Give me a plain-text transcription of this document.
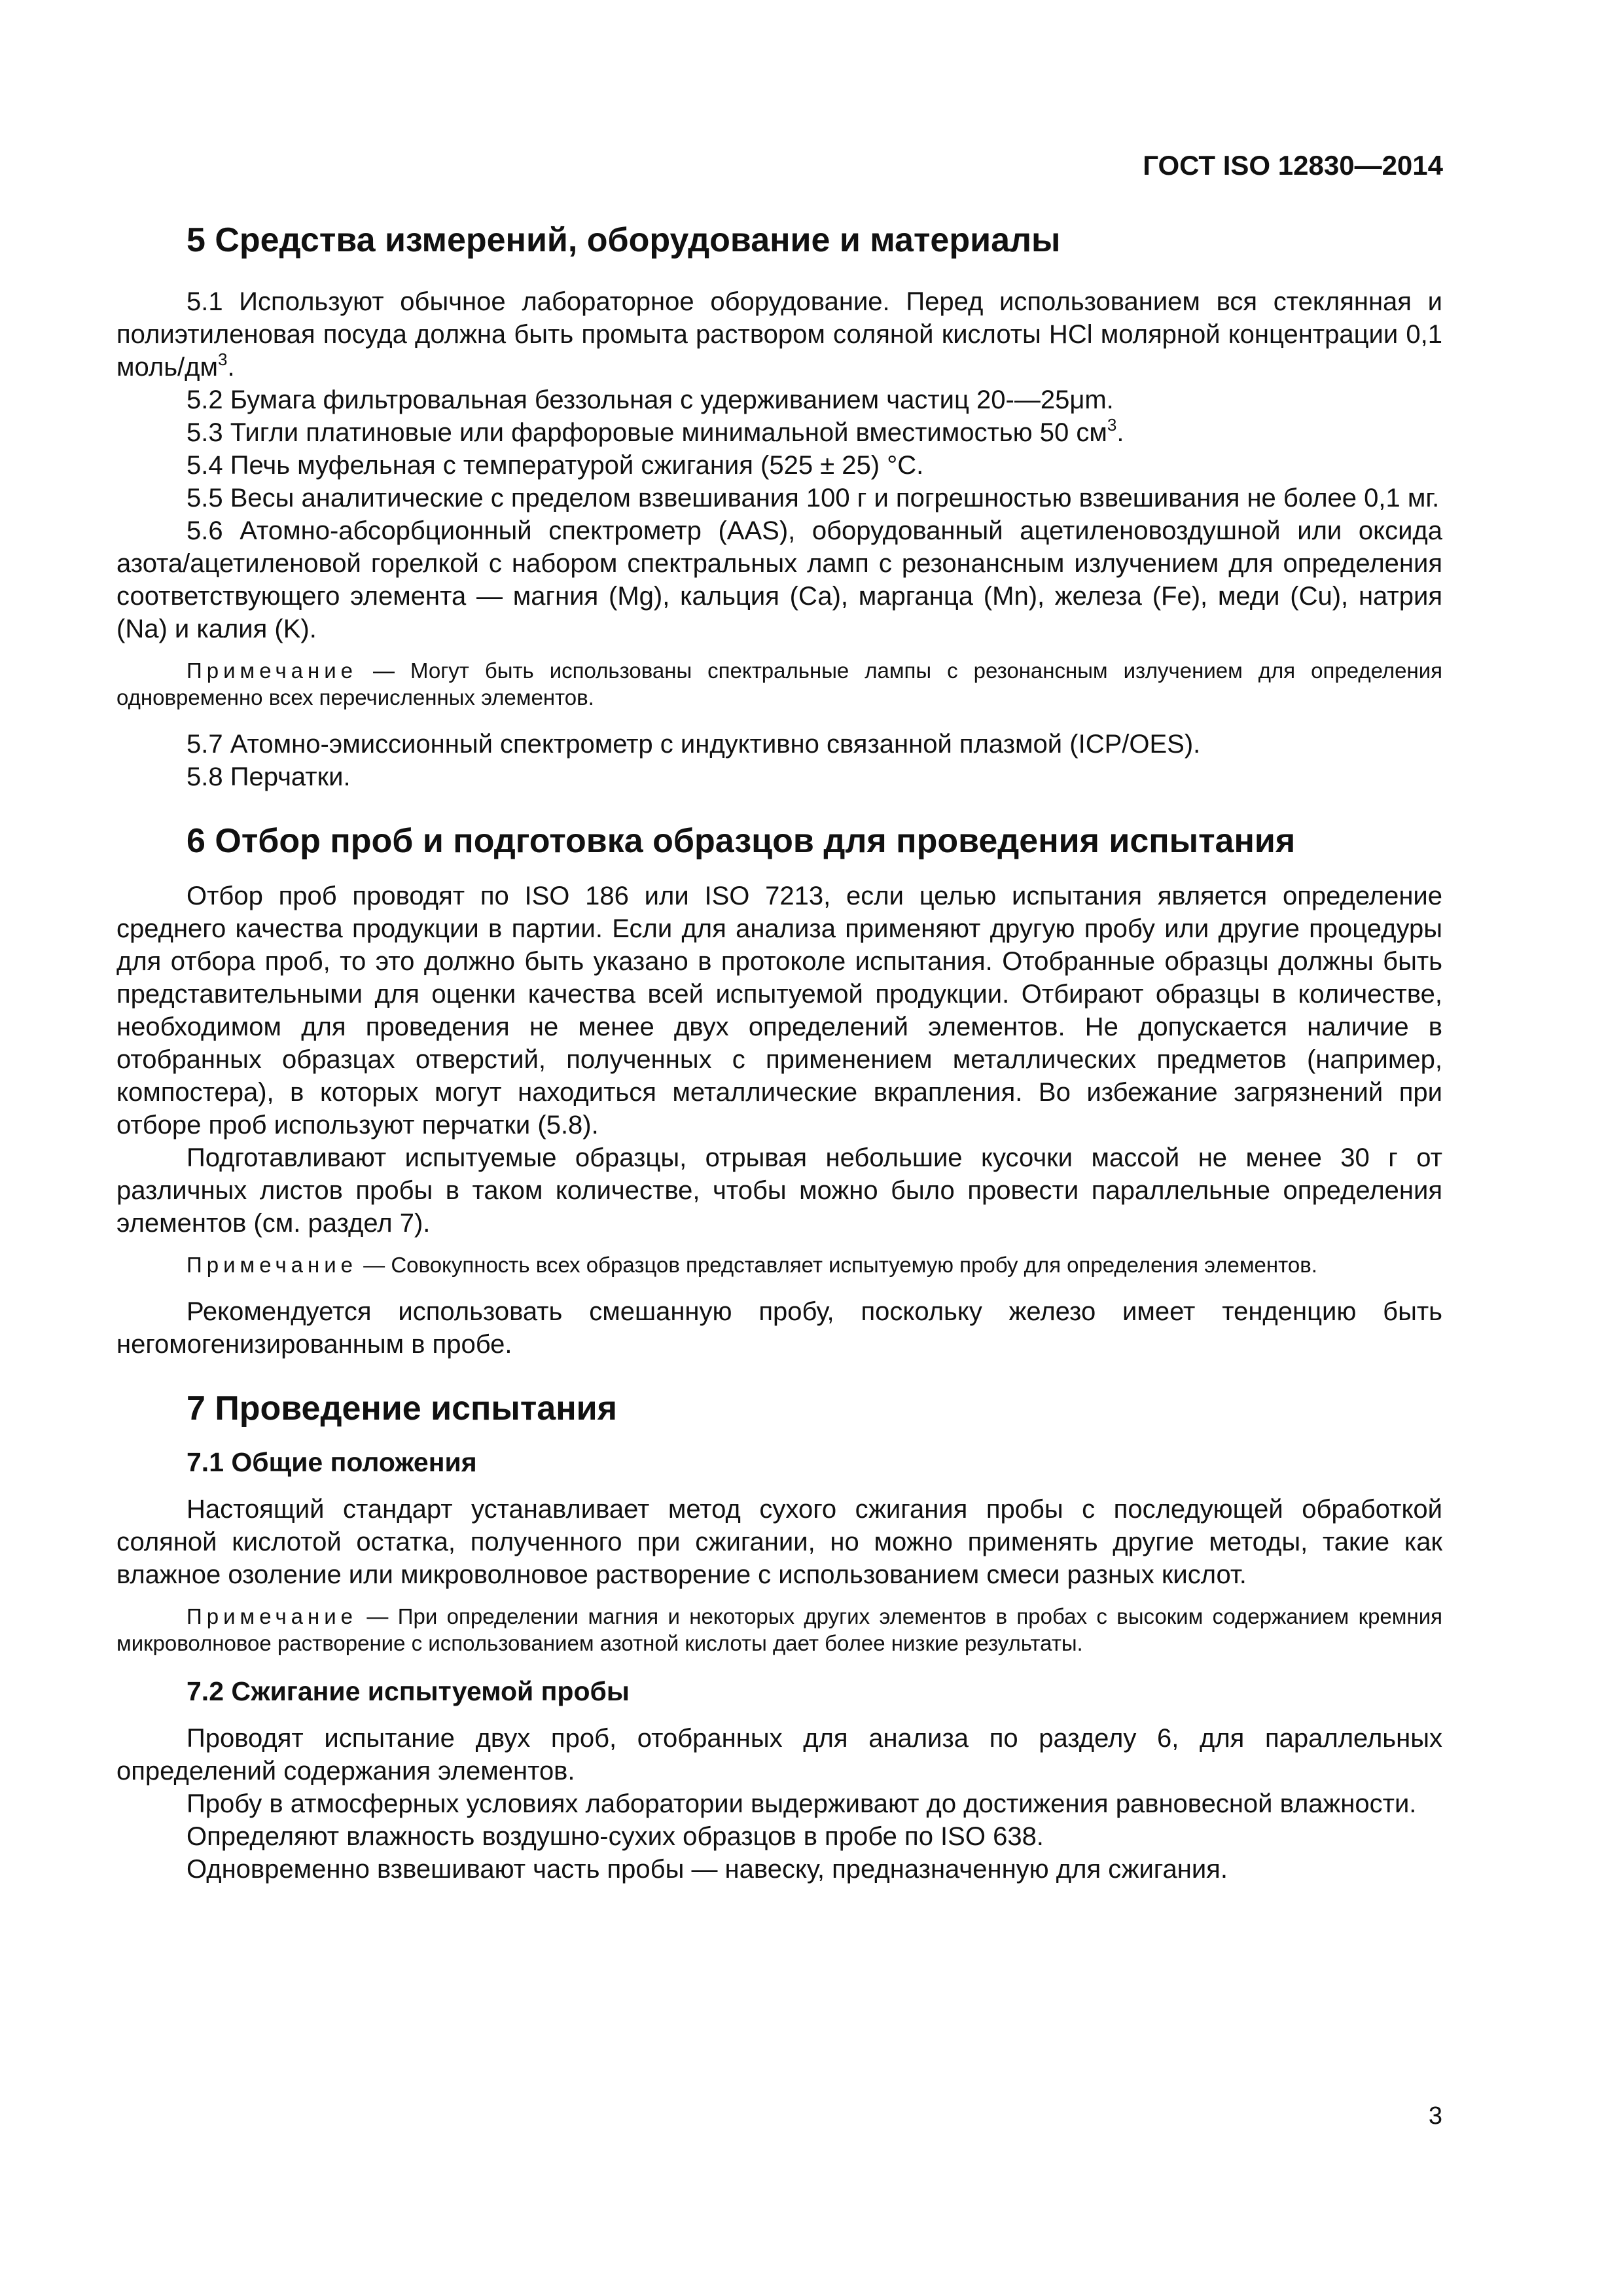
ГОСТ ISO 12830—2014
5 Средства измерений, оборудование и материалы

5.1 Используют обычное лабораторное оборудование. Перед использованием вся стеклянная и полиэтиленовая посуда должна быть промыта раствором соляной кислоты HCl молярной концентрации 0,1 моль/$дм^3$.

5.2 Бумага фильтровальная беззольная с удерживанием частиц 20-—25μm.

5.3 Тигли платиновые или фарфоровые минимальной вместимостью 50 $см^3$.

5.4 Печь муфельная с температурой сжигания (525 ± 25) °С.

5.5 Весы аналитические с пределом взвешивания 100 г и погрешностью взвешивания не более 0,1 мг.

5.6 Атомно-абсорбционный спектрометр (AAS), оборудованный ацетиленовоздушной или оксида азота/ацетиленовой горелкой с набором спектральных ламп с резонансным излучением для определения соответствующего элемента — магния (Mg), кальция (Са), марганца (Mn), железа (Fe), меди (Cu), натрия (Na) и калия (K).

Примечание — Могут быть использованы спектральные лампы с резонансным излучением для определения одновременно всех перечисленных элементов.

5.7 Атомно-эмиссионный спектрометр с индуктивно связанной плазмой (ICP/OES).

5.8 Перчатки.

6 Отбор проб и подготовка образцов для проведения испытания

Отбор проб проводят по ISO 186 или ISO 7213, если целью испытания является определение среднего качества продукции в партии. Если для анализа применяют другую пробу или другие процедуры для отбора проб, то это должно быть указано в протоколе испытания. Отобранные образцы должны быть представительными для оценки качества всей испытуемой продукции. Отбирают образцы в количестве, необходимом для проведения не менее двух определений элементов. Не допускается наличие в отобранных образцах отверстий, полученных с применением металлических предметов (например, компостера), в которых могут находиться металлические вкрапления. Во избежание загрязнений при отборе проб используют перчатки (5.8).

Подготавливают испытуемые образцы, отрывая небольшие кусочки массой не менее 30 г от различных листов пробы в таком количестве, чтобы можно было провести параллельные определения элементов (см. раздел 7).

Примечание — Совокупность всех образцов представляет испытуемую пробу для определения элементов.

Рекомендуется использовать смешанную пробу, поскольку железо имеет тенденцию быть негомогенизированным в пробе.

7 Проведение испытания
7.1 Общие положения

Настоящий стандарт устанавливает метод сухого сжигания пробы с последующей обработкой соляной кислотой остатка, полученного при сжигании, но можно применять другие методы, такие как влажное озоление или микроволновое растворение с использованием смеси разных кислот.

Примечание — При определении магния и некоторых других элементов в пробах с высоким содержанием кремния микроволновое растворение с использованием азотной кислоты дает более низкие результаты.

7.2 Сжигание испытуемой пробы

Проводят испытание двух проб, отобранных для анализа по разделу 6, для параллельных определений содержания элементов.

Пробу в атмосферных условиях лаборатории выдерживают до достижения равновесной влажности.

Определяют влажность воздушно-сухих образцов в пробе по ISO 638.

Одновременно взвешивают часть пробы — навеску, предназначенную для сжигания.

3
